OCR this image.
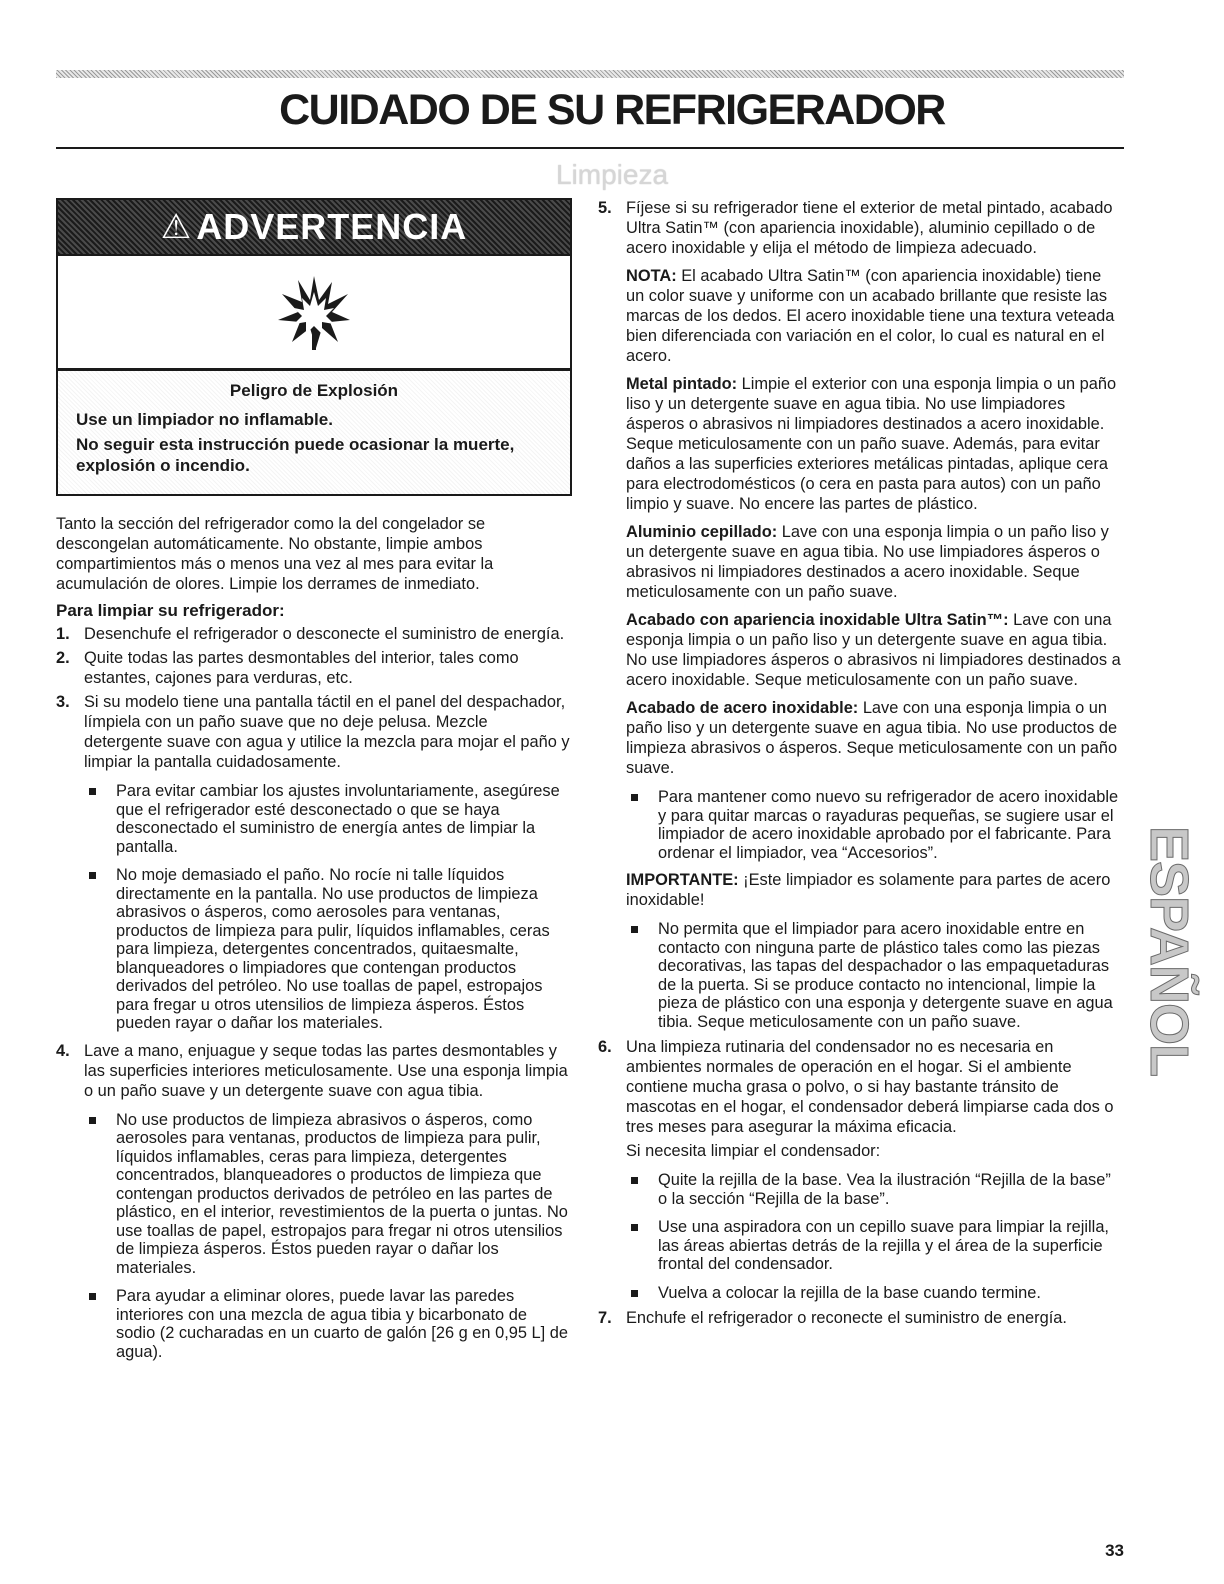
CUIDADO DE SU REFRIGERADOR
Limpieza
⚠ ADVERTENCIA

Peligro de Explosión

Use un limpiador no inflamable.

No seguir esta instrucción puede ocasionar la muerte, explosión o incendio.

Tanto la sección del refrigerador como la del congelador se descongelan automáticamente. No obstante, limpie ambos compartimientos más o menos una vez al mes para evitar la acumulación de olores. Limpie los derrames de inmediato.

Para limpiar su refrigerador:

1. Desenchufe el refrigerador o desconecte el suministro de energía.
2. Quite todas las partes desmontables del interior, tales como estantes, cajones para verduras, etc.
3. Si su modelo tiene una pantalla táctil en el panel del despachador, límpiela con un paño suave que no deje pelusa. Mezcle detergente suave con agua y utilice la mezcla para mojar el paño y limpiar la pantalla cuidadosamente.
Para evitar cambiar los ajustes involuntariamente, asegúrese que el refrigerador esté desconectado o que se haya desconectado el suministro de energía antes de limpiar la pantalla.
No moje demasiado el paño. No rocíe ni talle líquidos directamente en la pantalla. No use productos de limpieza abrasivos o ásperos, como aerosoles para ventanas, productos de limpieza para pulir, líquidos inflamables, ceras para limpieza, detergentes concentrados, quitaesmalte, blanqueadores o limpiadores que contengan productos derivados del petróleo. No use toallas de papel, estropajos para fregar u otros utensilios de limpieza ásperos. Éstos pueden rayar o dañar los materiales.
4. Lave a mano, enjuague y seque todas las partes desmontables y las superficies interiores meticulosamente. Use una esponja limpia o un paño suave y un detergente suave con agua tibia.
No use productos de limpieza abrasivos o ásperos, como aerosoles para ventanas, productos de limpieza para pulir, líquidos inflamables, ceras para limpieza, detergentes concentrados, blanqueadores o productos de limpieza que contengan productos derivados de petróleo en las partes de plástico, en el interior, revestimientos de la puerta o juntas. No use toallas de papel, estropajos para fregar ni otros utensilios de limpieza ásperos. Éstos pueden rayar o dañar los materiales.
Para ayudar a eliminar olores, puede lavar las paredes interiores con una mezcla de agua tibia y bicarbonato de sodio (2 cucharadas en un cuarto de galón [26 g en 0,95 L] de agua).
5. Fíjese si su refrigerador tiene el exterior de metal pintado, acabado Ultra Satin™ (con apariencia inoxidable), aluminio cepillado o de acero inoxidable y elija el método de limpieza adecuado.

NOTA: El acabado Ultra Satin™ (con apariencia inoxidable) tiene un color suave y uniforme con un acabado brillante que resiste las marcas de los dedos. El acero inoxidable tiene una textura veteada bien diferenciada con variación en el color, lo cual es natural en el acero.

Metal pintado: Limpie el exterior con una esponja limpia o un paño liso y un detergente suave en agua tibia. No use limpiadores ásperos o abrasivos ni limpiadores destinados a acero inoxidable. Seque meticulosamente con un paño suave. Además, para evitar daños a las superficies exteriores metálicas pintadas, aplique cera para electrodomésticos (o cera en pasta para autos) con un paño limpio y suave. No encere las partes de plástico.

Aluminio cepillado: Lave con una esponja limpia o un paño liso y un detergente suave en agua tibia. No use limpiadores ásperos o abrasivos ni limpiadores destinados a acero inoxidable. Seque meticulosamente con un paño suave.

Acabado con apariencia inoxidable Ultra Satin™: Lave con una esponja limpia o un paño liso y un detergente suave en agua tibia. No use limpiadores ásperos o abrasivos ni limpiadores destinados a acero inoxidable. Seque meticulosamente con un paño suave.

Acabado de acero inoxidable: Lave con una esponja limpia o un paño liso y un detergente suave en agua tibia. No use productos de limpieza abrasivos o ásperos. Seque meticulosamente con un paño suave.

Para mantener como nuevo su refrigerador de acero inoxidable y para quitar marcas o rayaduras pequeñas, se sugiere usar el limpiador de acero inoxidable aprobado por el fabricante. Para ordenar el limpiador, vea “Accesorios”.

IMPORTANTE: ¡Este limpiador es solamente para partes de acero inoxidable!

No permita que el limpiador para acero inoxidable entre en contacto con ninguna parte de plástico tales como las piezas decorativas, las tapas del despachador o las empaquetaduras de la puerta. Si se produce contacto no intencional, limpie la pieza de plástico con una esponja y detergente suave en agua tibia. Seque meticulosamente con un paño suave.
6. Una limpieza rutinaria del condensador no es necesaria en ambientes normales de operación en el hogar. Si el ambiente contiene mucha grasa o polvo, o si hay bastante tránsito de mascotas en el hogar, el condensador deberá limpiarse cada dos o tres meses para asegurar la máxima eficacia.

Si necesita limpiar el condensador:

Quite la rejilla de la base. Vea la ilustración “Rejilla de la base” o la sección “Rejilla de la base”.
Use una aspiradora con un cepillo suave para limpiar la rejilla, las áreas abiertas detrás de la rejilla y el área de la superficie frontal del condensador.
Vuelva a colocar la rejilla de la base cuando termine.
7. Enchufe el refrigerador o reconecte el suministro de energía.
ESPAÑOL
33
